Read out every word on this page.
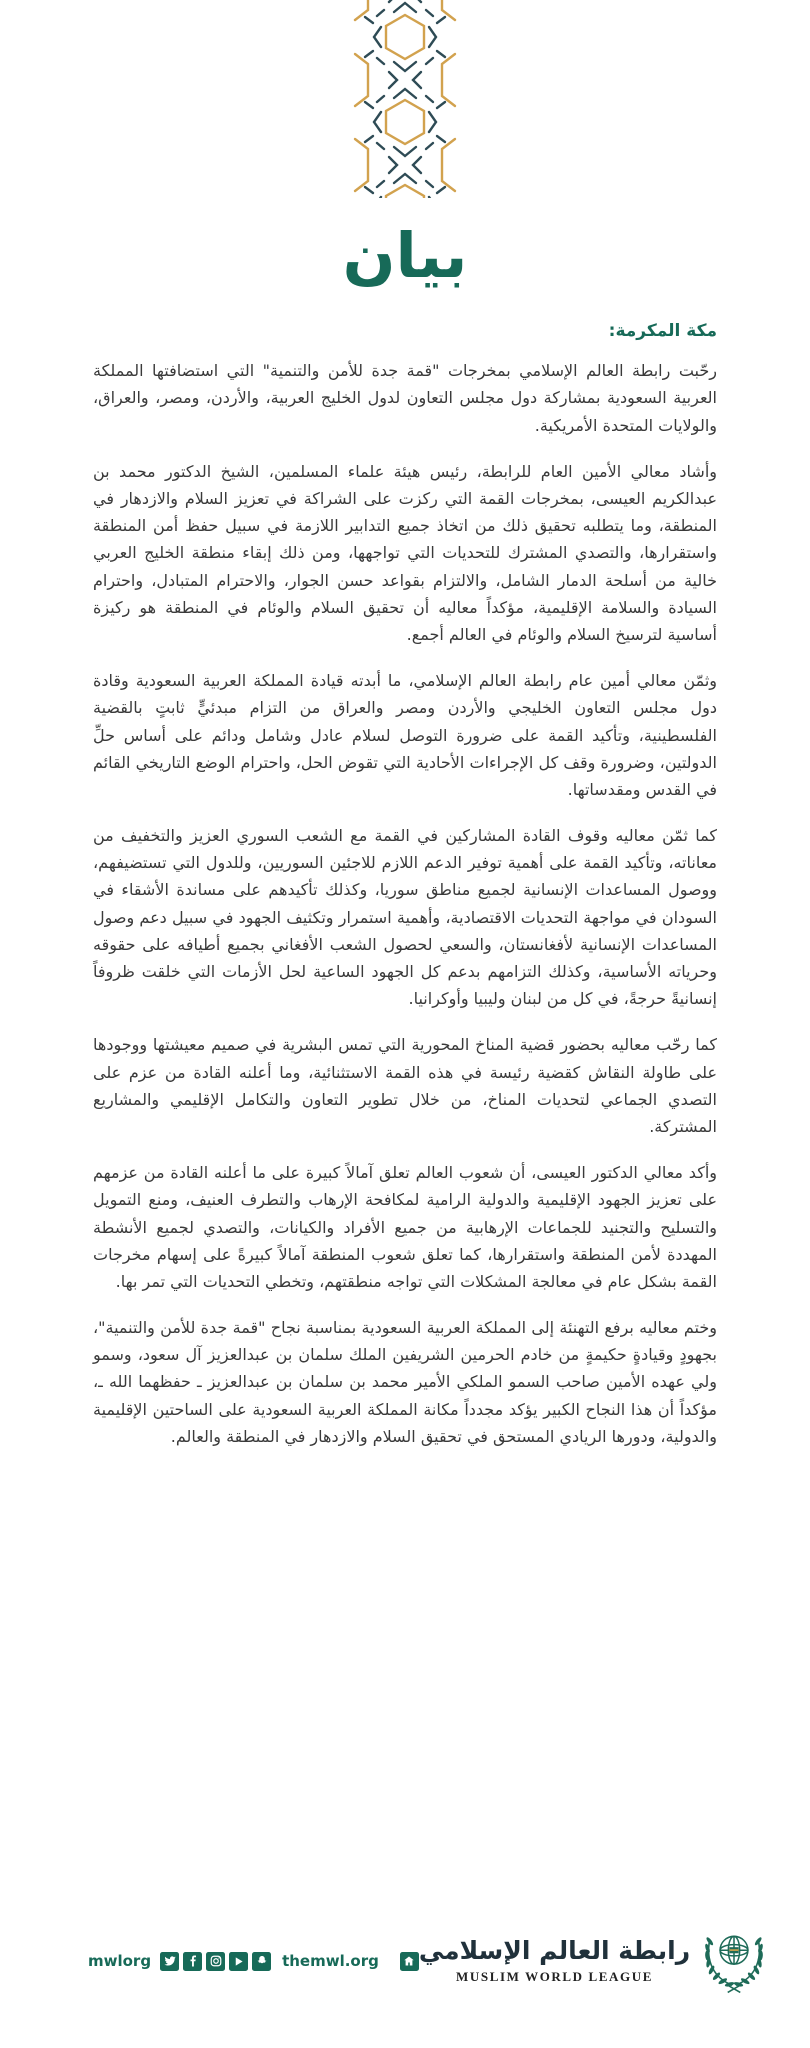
بيان

مكة المكرمة:

رحّبت رابطة العالم الإسلامي بمخرجات "قمة جدة للأمن والتنمية" التي استضافتها المملكة العربية السعودية بمشاركة دول مجلس التعاون لدول الخليج العربية، والأردن، ومصر، والعراق، والولايات المتحدة الأمريكية.

وأشاد معالي الأمين العام للرابطة، رئيس هيئة علماء المسلمين، الشيخ الدكتور محمد بن عبدالكريم العيسى، بمخرجات القمة التي ركزت على الشراكة في تعزيز السلام والازدهار في المنطقة، وما يتطلبه تحقيق ذلك من اتخاذ جميع التدابير اللازمة في سبيل حفظ أمن المنطقة واستقرارها، والتصدي المشترك للتحديات التي تواجهها، ومن ذلك إبقاء منطقة الخليج العربي خالية من أسلحة الدمار الشامل، والالتزام بقواعد حسن الجوار، والاحترام المتبادل، واحترام السيادة والسلامة الإقليمية، مؤكداً معاليه أن تحقيق السلام والوئام في المنطقة هو ركيزة أساسية لترسيخ السلام والوئام في العالم أجمع.

وثمّن معالي أمين عام رابطة العالم الإسلامي، ما أبدته قيادة المملكة العربية السعودية وقادة دول مجلس التعاون الخليجي والأردن ومصر والعراق من التزام مبدئيٍّ ثابتٍ بالقضية الفلسطينية، وتأكيد القمة على ضرورة التوصل لسلام عادل وشامل ودائم على أساس حلِّ الدولتين، وضرورة وقف كل الإجراءات الأحادية التي تقوض الحل، واحترام الوضع التاريخي القائم في القدس ومقدساتها.

كما ثمّن معاليه وقوف القادة المشاركين في القمة مع الشعب السوري العزيز والتخفيف من معاناته، وتأكيد القمة على أهمية توفير الدعم اللازم للاجئين السوريين، وللدول التي تستضيفهم، ووصول المساعدات الإنسانية لجميع مناطق سوريا، وكذلك تأكيدهم على مساندة الأشقاء في السودان في مواجهة التحديات الاقتصادية، وأهمية استمرار وتكثيف الجهود في سبيل دعم وصول المساعدات الإنسانية لأفغانستان، والسعي لحصول الشعب الأفغاني بجميع أطيافه على حقوقه وحرياته الأساسية، وكذلك التزامهم بدعم كل الجهود الساعية لحل الأزمات التي خلقت ظروفاً إنسانيةً حرجةً، في كل من لبنان وليبيا وأوكرانيا.

كما رحّب معاليه بحضور قضية المناخ المحورية التي تمس البشرية في صميم معيشتها ووجودها على طاولة النقاش كقضية رئيسة في هذه القمة الاستثنائية، وما أعلنه القادة من عزم على التصدي الجماعي لتحديات المناخ، من خلال تطوير التعاون والتكامل الإقليمي والمشاريع المشتركة.

وأكد معالي الدكتور العيسى، أن شعوب العالم تعلق آمالاً كبيرة على ما أعلنه القادة من عزمهم على تعزيز الجهود الإقليمية والدولية الرامية لمكافحة الإرهاب والتطرف العنيف، ومنع التمويل والتسليح والتجنيد للجماعات الإرهابية من جميع الأفراد والكيانات، والتصدي لجميع الأنشطة المهددة لأمن المنطقة واستقرارها، كما تعلق شعوب المنطقة آمالاً كبيرةً على إسهام مخرجات القمة بشكل عام في معالجة المشكلات التي تواجه منطقتهم، وتخطي التحديات التي تمر بها.

وختم معاليه برفع التهنئة إلى المملكة العربية السعودية بمناسبة نجاح "قمة جدة للأمن والتنمية"، بجهودٍ وقيادةٍ حكيمةٍ من خادم الحرمين الشريفين الملك سلمان بن عبدالعزيز آل سعود، وسمو ولي عهده الأمين صاحب السمو الملكي الأمير محمد بن سلمان بن عبدالعزيز ـ حفظهما الله ـ، مؤكداً أن هذا النجاح الكبير يؤكد مجدداً مكانة المملكة العربية السعودية على الساحتين الإقليمية والدولية، ودورها الريادي المستحق في تحقيق السلام والازدهار في المنطقة والعالم.

mwlorg	themwl.org رابطة العالم الإسلامي
MUSLIM WORLD LEAGUE
